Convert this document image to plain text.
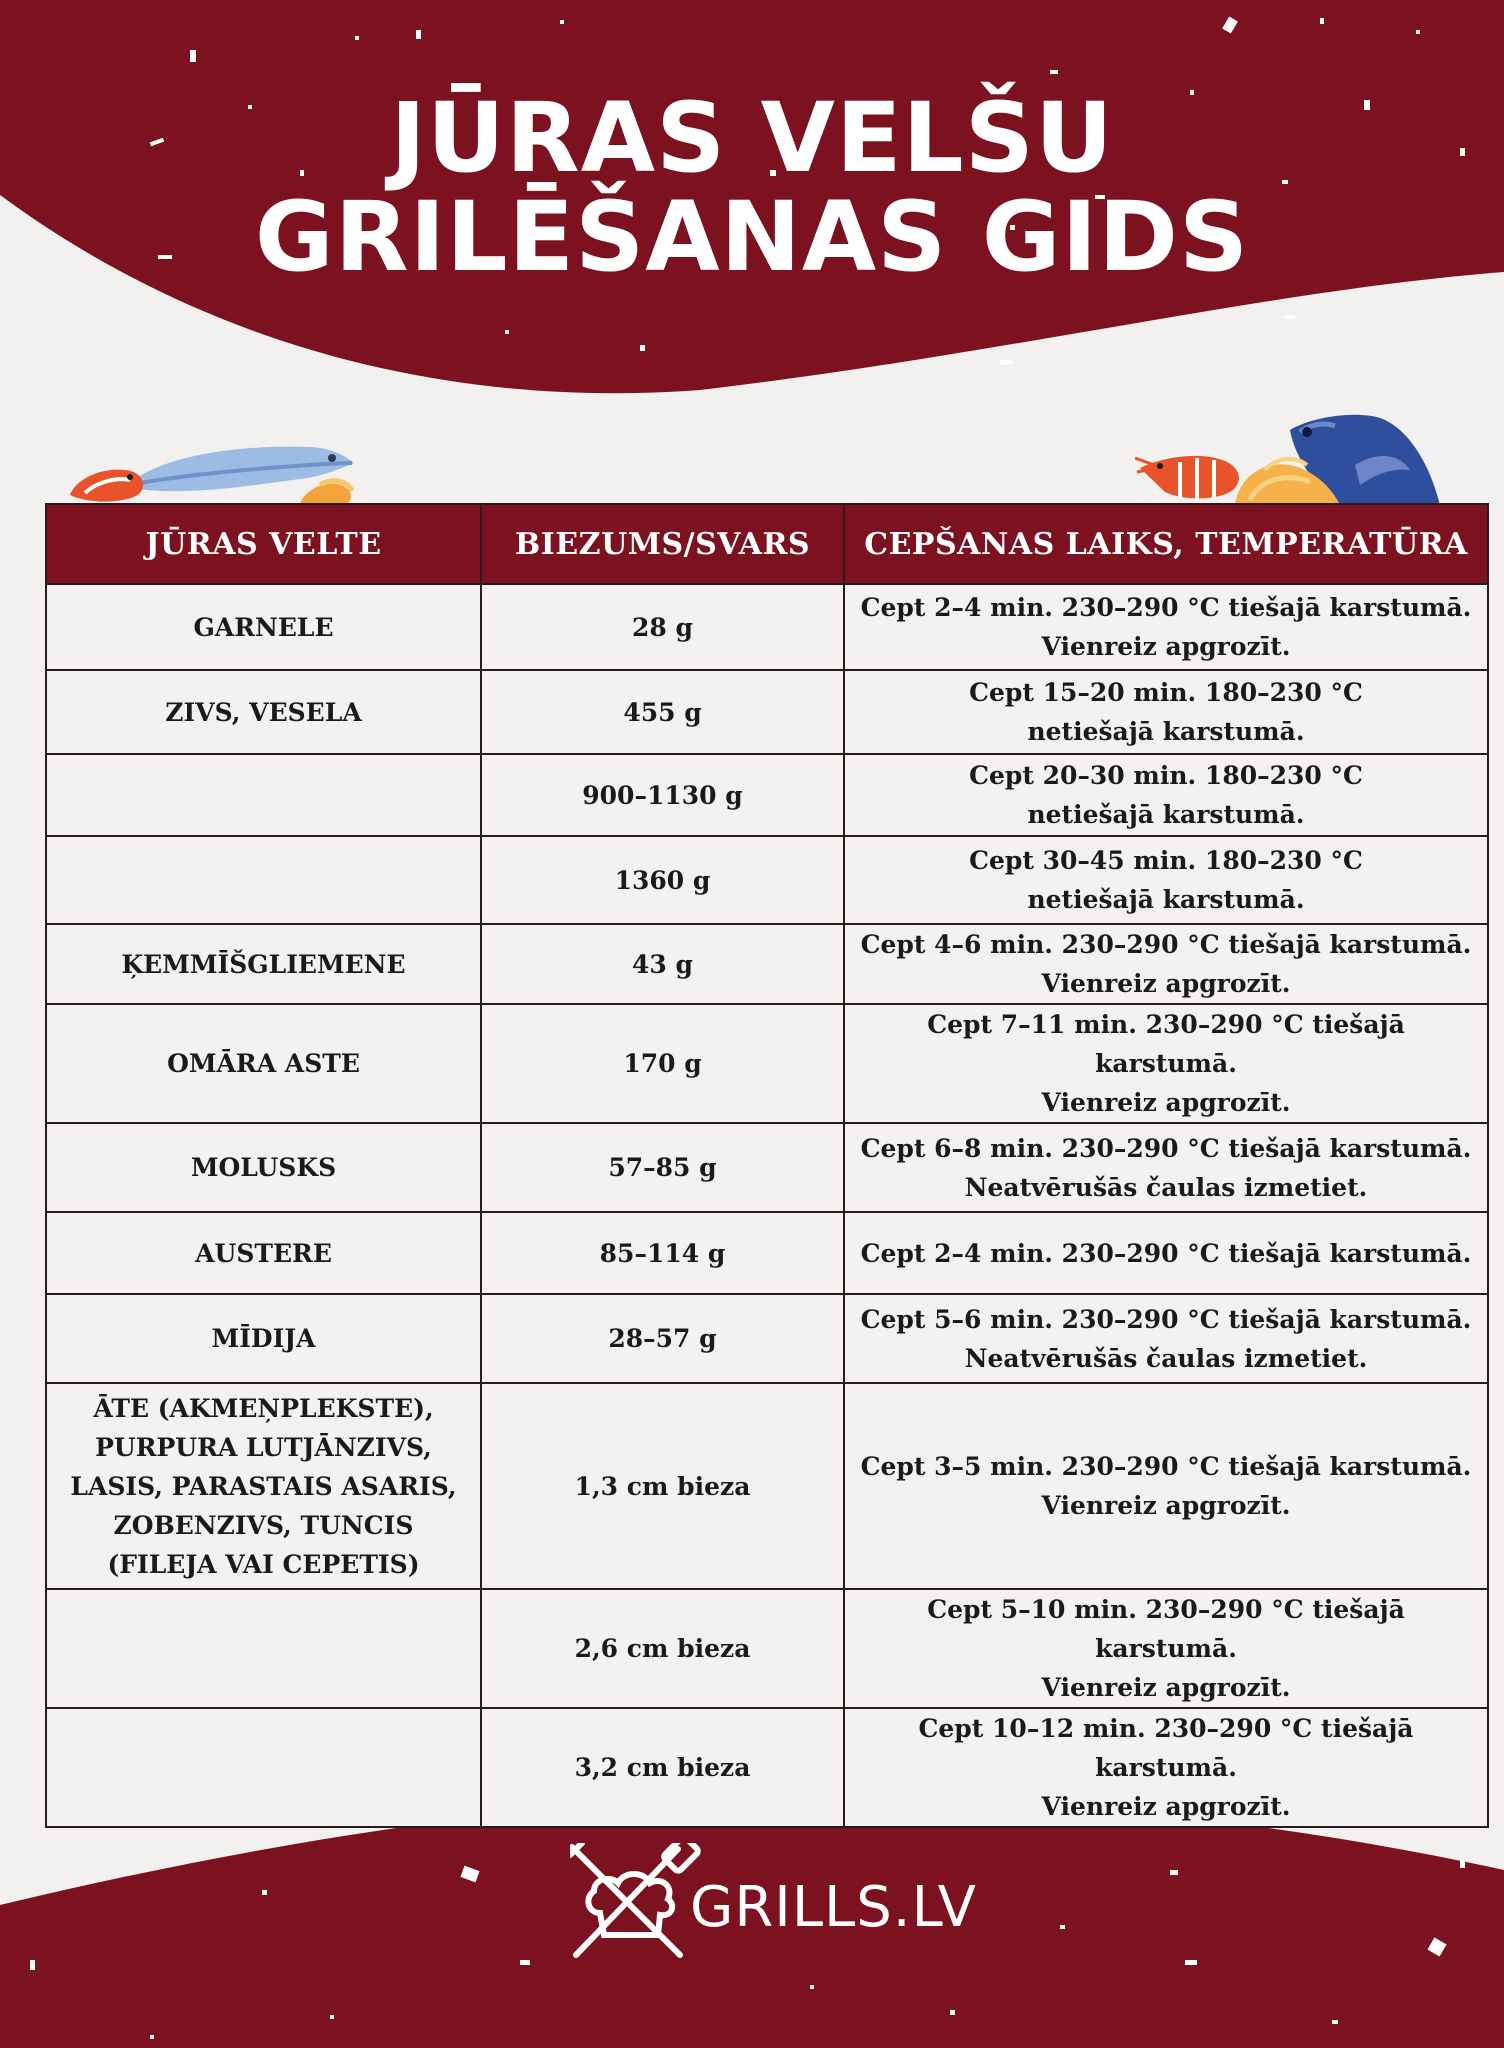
JŪRAS VELŠU
GRILĒŠANAS GIDS
JŪRAS VELTE	BIEZUMS/SVARS	CEPŠANAS LAIKS, TEMPERATŪRA
GARNELE	28 g	Cept 2–4 min. 230–290 °C tiešajā karstumā.
Vienreiz apgrozīt.
ZIVS, VESELA	455 g	Cept 15–20 min. 180–230 °C
netiešajā karstumā.
	900–1130 g	Cept 20–30 min. 180–230 °C
netiešajā karstumā.
	1360 g	Cept 30–45 min. 180–230 °C
netiešajā karstumā.
ĶEMMĪŠGLIEMENE	43 g	Cept 4–6 min. 230–290 °C tiešajā karstumā.
Vienreiz apgrozīt.
OMĀRA ASTE	170 g	Cept 7–11 min. 230–290 °C tiešajā karstumā.
Vienreiz apgrozīt.
MOLUSKS	57–85 g	Cept 6–8 min. 230–290 °C tiešajā karstumā.
Neatvērušās čaulas izmetiet.
AUSTERE	85–114 g	Cept 2–4 min. 230–290 °C tiešajā karstumā.
MĪDIJA	28–57 g	Cept 5–6 min. 230–290 °C tiešajā karstumā.
Neatvērušās čaulas izmetiet.
ĀTE (AKMEŅPLEKSTE), PURPURA LUTJĀNZIVS, LASIS, PARASTAIS ASARIS, ZOBENZIVS, TUNCIS (FILEJA VAI CEPETIS)	1,3 cm bieza	Cept 3–5 min. 230–290 °C tiešajā karstumā.
Vienreiz apgrozīt.
	2,6 cm bieza	Cept 5–10 min. 230–290 °C tiešajā karstumā.
Vienreiz apgrozīt.
	3,2 cm bieza	Cept 10–12 min. 230–290 °C tiešajā karstumā.
Vienreiz apgrozīt.
GRILLS.LV
